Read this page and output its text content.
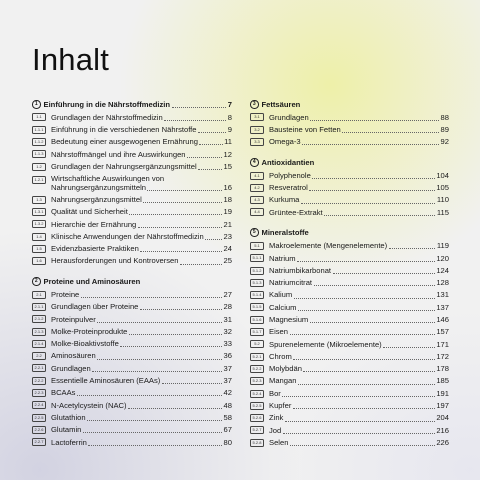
Inhalt
1 Einführung in die Nährstoffmedizin	7
1.1	Grundlagen der Nährstoffmedizin	8
1.1.1 Einführung in die verschiedenen Nährstoffe	9
1.1.2 Bedeutung einer ausgewogenen Ernährung	11
1.1.3 Nährstoffmängel und ihre Auswirkungen	12
1.2	Grundlagen der Nahrungsergänzungsmittel	15
1.2.1 Wirtschaftliche Auswirkungen von
Nahrungsergänzungsmitteln	16
1.3	Nahrungsergänzungsmittel	18
1.3.1 Qualität und Sicherheit	19
1.3.2 Hierarchie der Ernährung	21
1.4	Klinische Anwendungen der Nährstoffmedizin	23
1.5	Evidenzbasierte Praktiken	24
1.6	Herausforderungen und Kontroversen	25
2 Proteine und Aminosäuren
2.1	Proteine	27
2.1.1 Grundlagen über Proteine	28
2.1.2 Proteinpulver	31
2.1.3 Molke-Proteinprodukte	32
2.1.4 Molke-Bioaktivstoffe	33
2.2	Aminosäuren	36
2.2.1 Grundlagen	37
2.2.2 Essentielle Aminosäuren (EAAs)	37
2.2.3 BCAAs	42
2.2.4 N-Acetylcystein (NAC)	48
2.2.5 Glutathion	58
2.2.6 Glutamin	67
2.2.7 Lactoferrin	80
3 Fettsäuren
3.1	Grundlagen	88
3.2	Bausteine von Fetten	89
3.3	Omega-3	92
4 Antioxidantien
4.1	Polyphenole	104
4.2	Resveratrol	105
4.3	Kurkuma	110
4.4	Grüntee-Extrakt	115
5 Mineralstoffe
5.1	Makroelemente (Mengenelemente)	119
5.1.1 Natrium	120
5.1.2 Natriumbikarbonat	124
5.1.3 Natriumcitrat	128
5.1.4 Kalium	131
5.1.5 Calcium	137
5.1.6 Magnesium	146
5.1.7 Eisen	157
5.2	Spurenelemente (Mikroelemente)	171
5.2.1 Chrom	172
5.2.2 Molybdän	178
5.2.3 Mangan	185
5.2.4 Bor	191
5.2.5 Kupfer	197
5.2.6 Zink	204
5.2.7 Jod	216
5.2.8 Selen	226
